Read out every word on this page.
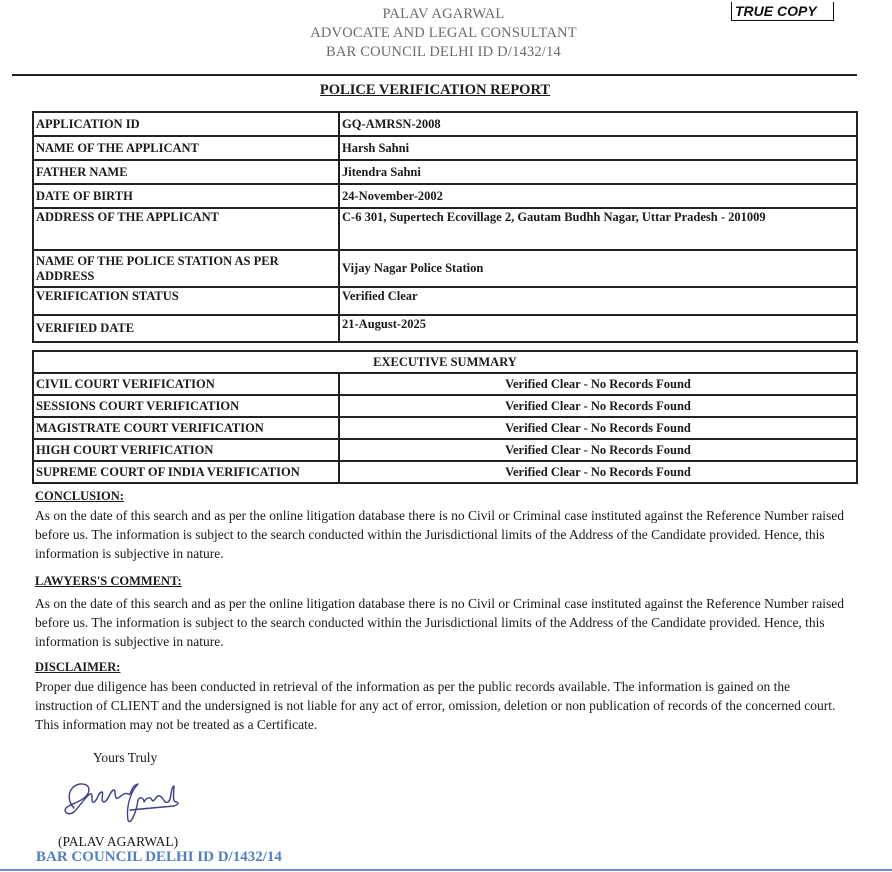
PALAV AGARWAL
ADVOCATE AND LEGAL CONSULTANT
BAR COUNCIL DELHI ID D/1432/14
TRUE COPY
POLICE VERIFICATION REPORT
APPLICATION ID	GQ-AMRSN-2008
NAME OF THE APPLICANT	Harsh Sahni
FATHER NAME	Jitendra Sahni
DATE OF BIRTH	24-November-2002
ADDRESS OF THE APPLICANT	C-6 301, Supertech Ecovillage 2, Gautam Budhh Nagar, Uttar Pradesh - 201009
NAME OF THE POLICE STATION AS PER ADDRESS	Vijay Nagar Police Station
VERIFICATION STATUS	Verified Clear
VERIFIED DATE	21-August-2025
EXECUTIVE SUMMARY	
CIVIL COURT VERIFICATION	Verified Clear - No Records Found
SESSIONS COURT VERIFICATION	Verified Clear - No Records Found
MAGISTRATE COURT VERIFICATION	Verified Clear - No Records Found
HIGH COURT VERIFICATION	Verified Clear - No Records Found
SUPREME COURT OF INDIA VERIFICATION	Verified Clear - No Records Found
CONCLUSION:
As on the date of this search and as per the online litigation database there is no Civil or Criminal case instituted against the Reference Number raised before us. The information is subject to the search conducted within the Jurisdictional limits of the Address of the Candidate provided. Hence, this information is subjective in nature.
LAWYERS'S COMMENT:
As on the date of this search and as per the online litigation database there is no Civil or Criminal case instituted against the Reference Number raised before us. The information is subject to the search conducted within the Jurisdictional limits of the Address of the Candidate provided. Hence, this information is subjective in nature.
DISCLAIMER:
Proper due diligence has been conducted in retrieval of the information as per the public records available. The information is gained on the instruction of CLIENT and the undersigned is not liable for any act of error, omission, deletion or non publication of records of the concerned court. This information may not be treated as a Certificate.
Yours Truly
(PALAV AGARWAL)
BAR COUNCIL DELHI ID D/1432/14
